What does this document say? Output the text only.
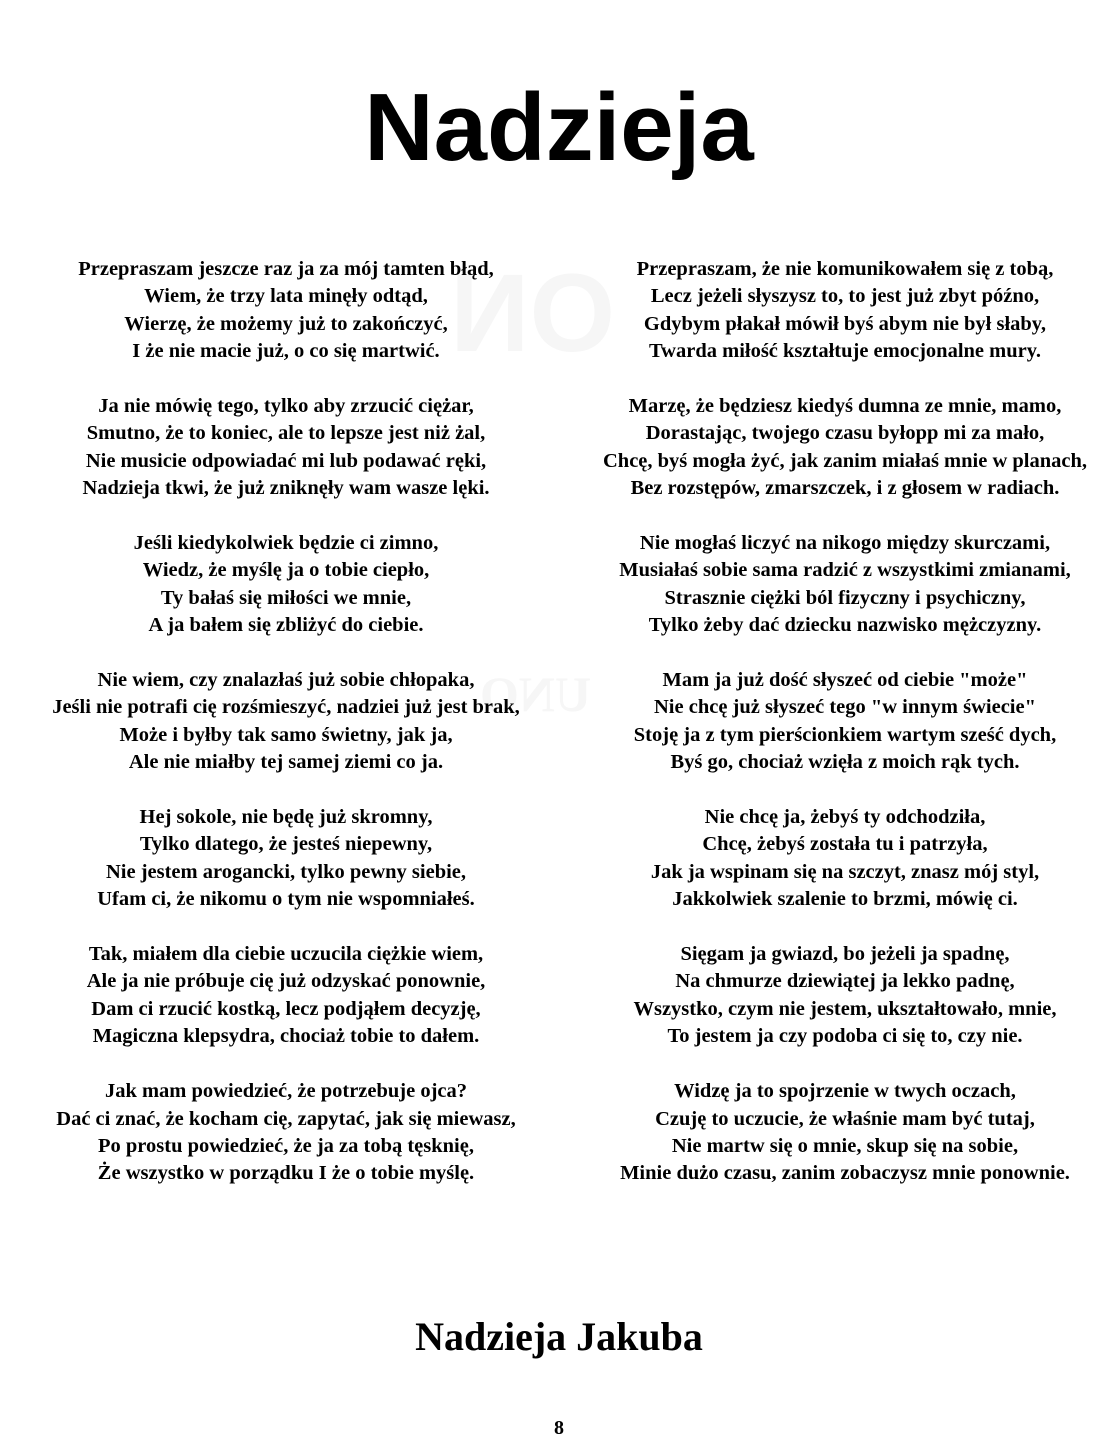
ON
UNO
Nadzieja

Przepraszam jeszcze raz ja za mój tamten błąd,
Wiem, że trzy lata minęły odtąd,
Wierzę, że możemy już to zakończyć,
I że nie macie już, o co się martwić.

Ja nie mówię tego, tylko aby zrzucić ciężar,
Smutno, że to koniec, ale to lepsze jest niż żal,
Nie musicie odpowiadać mi lub podawać ręki,
Nadzieja tkwi, że już zniknęły wam wasze lęki.

Jeśli kiedykolwiek będzie ci zimno,
Wiedz, że myślę ja o tobie ciepło,
Ty bałaś się miłości we mnie,
A ja bałem się zbliżyć do ciebie.

Nie wiem, czy znalazłaś już sobie chłopaka,
Jeśli nie potrafi cię rozśmieszyć, nadziei już jest brak,
Może i byłby tak samo świetny, jak ja,
Ale nie miałby tej samej ziemi co ja.

Hej sokole, nie będę już skromny,
Tylko dlatego, że jesteś niepewny,
Nie jestem arogancki, tylko pewny siebie,
Ufam ci, że nikomu o tym nie wspomniałeś.

Tak, miałem dla ciebie uczucila ciężkie wiem,
Ale ja nie próbuje cię już odzyskać ponownie,
Dam ci rzucić kostką, lecz podjąłem decyzję,
Magiczna klepsydra, chociaż tobie to dałem.

Jak mam powiedzieć, że potrzebuje ojca?
Dać ci znać, że kocham cię, zapytać, jak się miewasz,
Po prostu powiedzieć, że ja za tobą tęsknię,
Że wszystko w porządku I że o tobie myślę.

Przepraszam, że nie komunikowałem się z tobą,
Lecz jeżeli słyszysz to, to jest już zbyt późno,
Gdybym płakał mówił byś abym nie był słaby,
Twarda miłość kształtuje emocjonalne mury.

Marzę, że będziesz kiedyś dumna ze mnie, mamo,
Dorastając, twojego czasu byłopp mi za mało,
Chcę, byś mogła żyć, jak zanim miałaś mnie w planach,
Bez rozstępów, zmarszczek, i z głosem w radiach.

Nie mogłaś liczyć na nikogo między skurczami,
Musiałaś sobie sama radzić z wszystkimi zmianami,
Strasznie ciężki ból fizyczny i psychiczny,
Tylko żeby dać dziecku nazwisko mężczyzny.

Mam ja już dość słyszeć od ciebie "może"
Nie chcę już słyszeć tego "w innym świecie"
Stoję ja z tym pierścionkiem wartym sześć dych,
Byś go, chociaż wzięła z moich rąk tych.

Nie chcę ja, żebyś ty odchodziła,
Chcę, żebyś została tu i patrzyła,
Jak ja wspinam się na szczyt, znasz mój styl,
Jakkolwiek szalenie to brzmi, mówię ci.

Sięgam ja gwiazd, bo jeżeli ja spadnę,
Na chmurze dziewiątej ja lekko padnę,
Wszystko, czym nie jestem, ukształtowało, mnie,
To jestem ja czy podoba ci się to, czy nie.

Widzę ja to spojrzenie w twych oczach,
Czuję to uczucie, że właśnie mam być tutaj,
Nie martw się o mnie, skup się na sobie,
Minie dużo czasu, zanim zobaczysz mnie ponownie.

Nadzieja Jakuba
8
